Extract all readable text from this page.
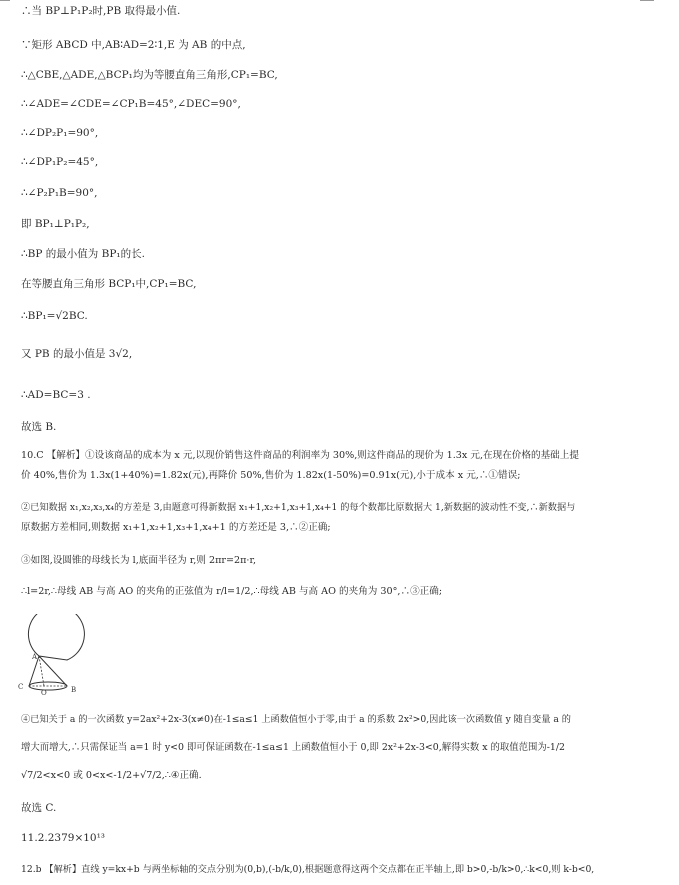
∴当 BP⊥P₁P₂时,PB 取得最小值.
∵矩形 ABCD 中,AB∶AD=2∶1,E 为 AB 的中点,
∴△CBE,△ADE,△BCP₁均为等腰直角三角形,CP₁=BC,
∴∠ADE=∠CDE=∠CP₁B=45°,∠DEC=90°,
∴∠DP₂P₁=90°,
∴∠DP₁P₂=45°,
∴∠P₂P₁B=90°,
即 BP₁⊥P₁P₂,
∴BP 的最小值为 BP₁的长.
在等腰直角三角形 BCP₁中,CP₁=BC,
∴BP₁=√2BC.
又 PB 的最小值是 3√2,
∴AD=BC=3 .
故选 B.
10.C 【解析】①设该商品的成本为 x 元,以现价销售这件商品的利润率为 30%,则这件商品的现价为 1.3x 元,在现在价格的基础上提
价 40%,售价为 1.3x(1+40%)=1.82x(元),再降价 50%,售价为 1.82x(1-50%)=0.91x(元),小于成本 x 元,∴①错误;
②已知数据 x₁,x₂,x₃,x₄的方差是 3,由题意可得新数据 x₁+1,x₂+1,x₃+1,x₄+1 的每个数都比原数据大 1,新数据的波动性不变,∴新数据与
原数据方差相同,则数据 x₁+1,x₂+1,x₃+1,x₄+1 的方差还是 3,∴②正确;
③如图,设圆锥的母线长为 l,底面半径为 r,则 2πr=2π·r,
∴l=2r,∴母线 AB 与高 AO 的夹角的正弦值为 r/l=1/2,∴母线 AB 与高 AO 的夹角为 30°,∴③正确;
A
C
O	B
④已知关于 a 的一次函数 y=2ax²+2x-3(x≠0)在-1≤a≤1 上函数值恒小于零,由于 a 的系数 2x²>0,因此该一次函数值 y 随自变量 a 的
增大而增大,∴只需保证当 a=1 时 y<0 即可保证函数在-1≤a≤1 上函数值恒小于 0,即 2x²+2x-3<0,解得实数 x 的取值范围为-1/2
√7/2<x<0 或 0<x<-1/2+√7/2,∴④正确.
故选 C.
11.2.2379×10¹³
12.b 【解析】直线 y=kx+b 与两坐标轴的交点分别为(0,b),(-b/k,0),根据题意得这两个交点都在正半轴上,即 b>0,-b/k>0,∴k<0,则 k-b<0,
